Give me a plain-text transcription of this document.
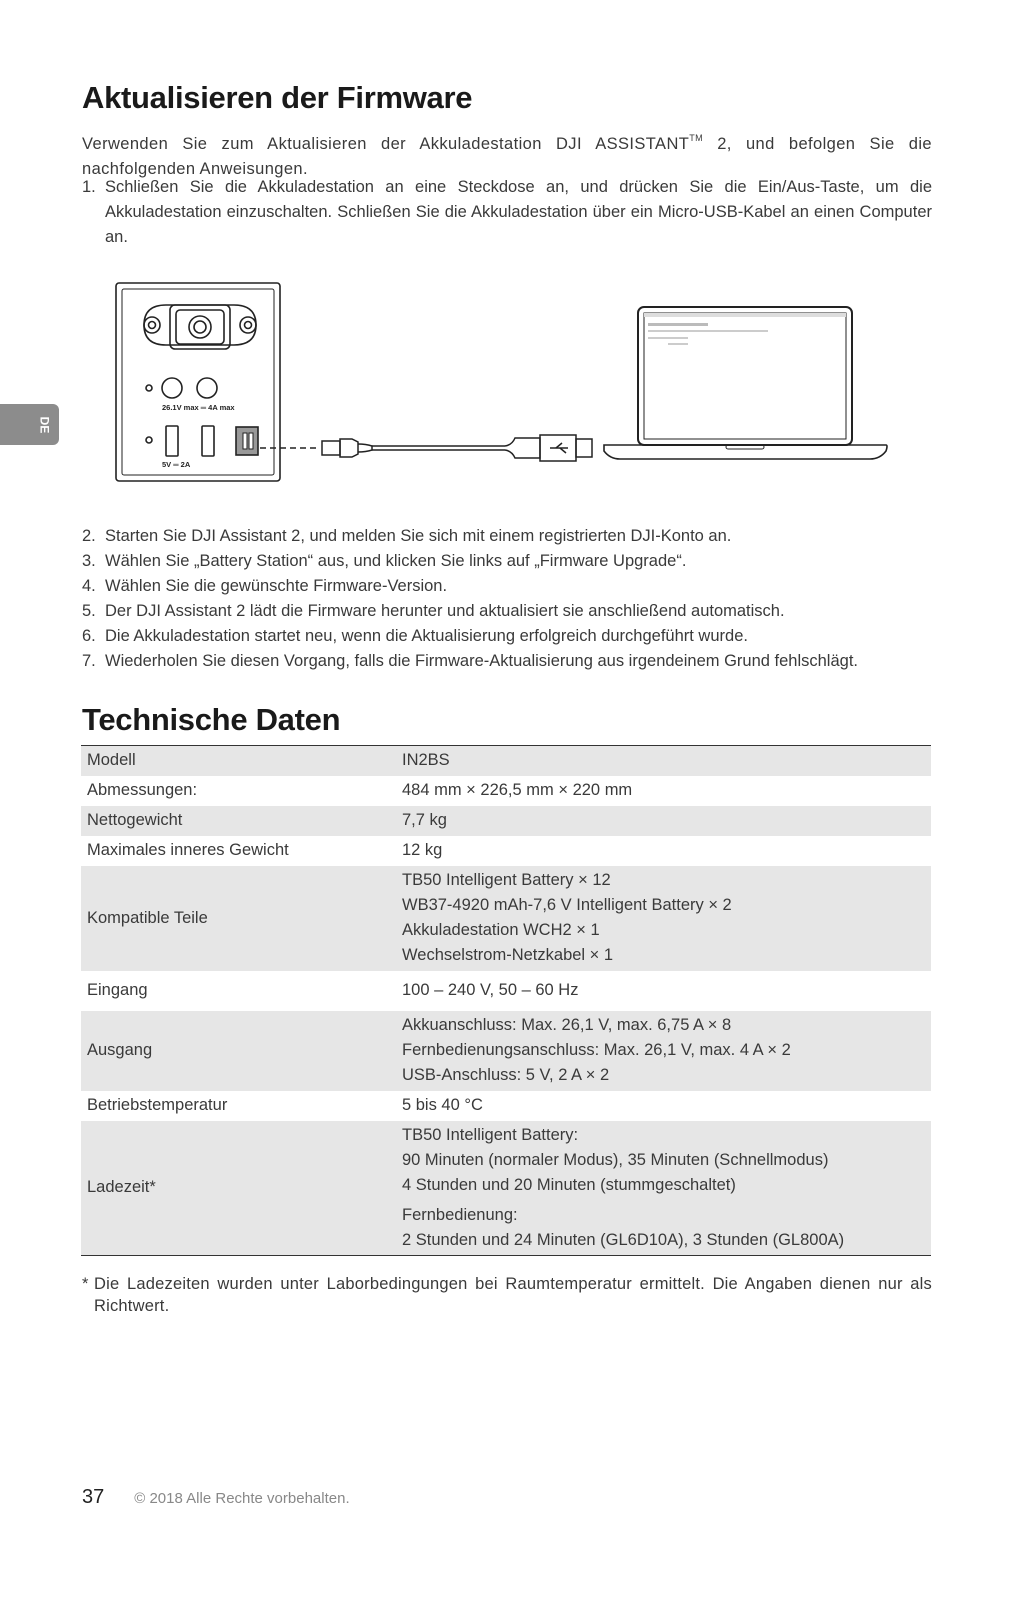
Aktualisieren der Firmware

Verwenden Sie zum Aktualisieren der Akkuladestation DJI ASSISTANT™ 2, und befolgen Sie die nachfolgenden Anweisungen.

1. Schließen Sie die Akkuladestation an eine Steckdose an, und drücken Sie die Ein/Aus-Taste, um die Akkuladestation einzuschalten. Schließen Sie die Akkuladestation über ein Micro-USB-Kabel an einen Computer an.
26.1V max ═ 4A max
5V ═ 2A
DE
2. Starten Sie DJI Assistant 2, und melden Sie sich mit einem registrierten DJI-Konto an.
3. Wählen Sie „Battery Station“ aus, und klicken Sie links auf „Firmware Upgrade“.
4. Wählen Sie die gewünschte Firmware-Version.
5. Der DJI Assistant 2 lädt die Firmware herunter und aktualisiert sie anschließend automatisch.
6. Die Akkuladestation startet neu, wenn die Aktualisierung erfolgreich durchgeführt wurde.
7. Wiederholen Sie diesen Vorgang, falls die Firmware-Aktualisierung aus irgendeinem Grund fehlschlägt.
Technische Daten
Modell	IN2BS
Abmessungen:	484 mm × 226,5 mm × 220 mm
Nettogewicht	7,7 kg
Maximales inneres Gewicht	12 kg
Kompatible Teile	TB50 Intelligent Battery × 12
WB37-4920 mAh-7,6 V Intelligent Battery × 2
Akkuladestation WCH2 × 1
Wechselstrom-Netzkabel × 1

Eingang	100 – 240 V, 50 – 60 Hz
Ausgang	Akkuanschluss: Max. 26,1 V, max. 6,75 A × 8
Fernbedienungsanschluss: Max. 26,1 V, max. 4 A × 2
USB-Anschluss: 5 V, 2 A × 2

Betriebstemperatur	5 bis 40 °C
Ladezeit*	TB50 Intelligent Battery:
90 Minuten (normaler Modus), 35 Minuten (Schnellmodus)
4 Stunden und 20 Minuten (stummgeschaltet)
Fernbedienung:
2 Stunden und 24 Minuten (GL6D10A), 3 Stunden (GL800A)

* Die Ladezeiten wurden unter Laborbedingungen bei Raumtemperatur ermittelt. Die Angaben dienen nur als Richtwert.

37 © 2018 Alle Rechte vorbehalten.
